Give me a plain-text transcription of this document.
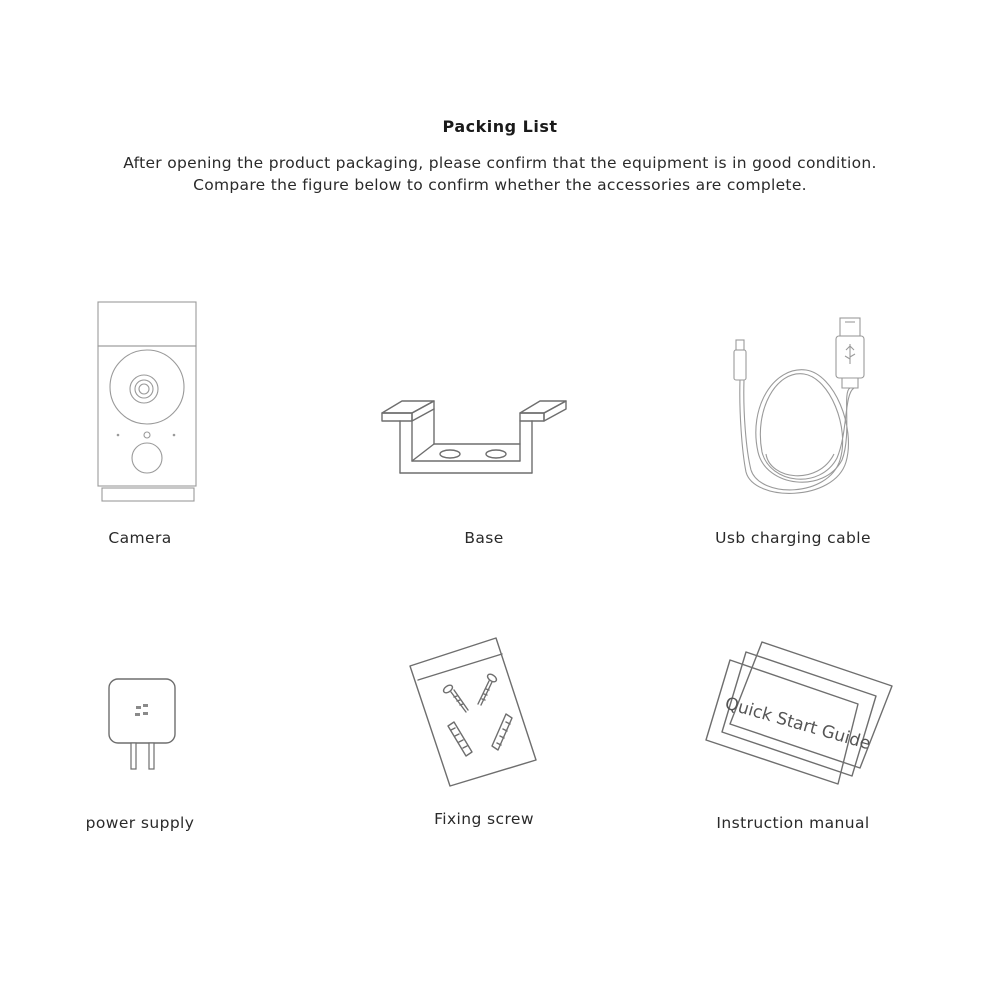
Packing List
After opening the product packaging, please confirm that the equipment is in good condition.
Compare the figure below to confirm whether the accessories are complete.
Camera	Base	Usb charging cable
power supply	Fixing screw
Quick Start Guide
Instruction manual
